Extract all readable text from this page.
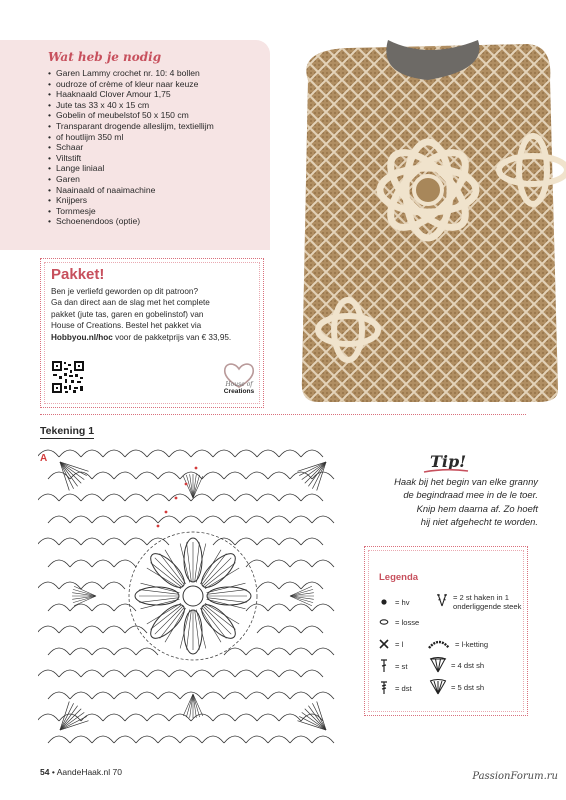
Wat heb je nodig
• Garen Lammy crochet nr. 10: 4 bollen
• oudroze of crème of kleur naar keuze
• Haaknaald Clover Amour 1,75
• Jute tas 33 x 40 x 15 cm
• Gobelin of meubelstof 50 x 150 cm
• Transparant drogende alleslijm, textiellijm
• of houtlijm 350 ml
• Schaar
• Viltstift
• Lange liniaal
• Garen
• Naainaald of naaimachine
• Knijpers
• Tornmesje
• Schoenendoos (optie)
Pakket!

Ben je verliefd geworden op dit patroon?

Ga dan direct aan de slag met het complete

pakket (jute tas, garen en gobelinstof) van

House of Creations. Bestel het pakket via

Hobbyou.nl/hoc voor de pakketprijs van € 33,95.

House of
Creations
Tekening 1
A	Tip!
Haak bij het begin van elke granny
de begindraad mee in de le toer.
Knip hem daarna af. Zo hoeft
hij niet afgehecht te worden.
Legenda
= hv	= 2 st haken in 1 onderliggende steek
= losse
= l	= l-ketting
= st	= 4 dst sh
= dst	= 5 dst sh
54 • AandeHaak.nl 70	PassionForum.ru
